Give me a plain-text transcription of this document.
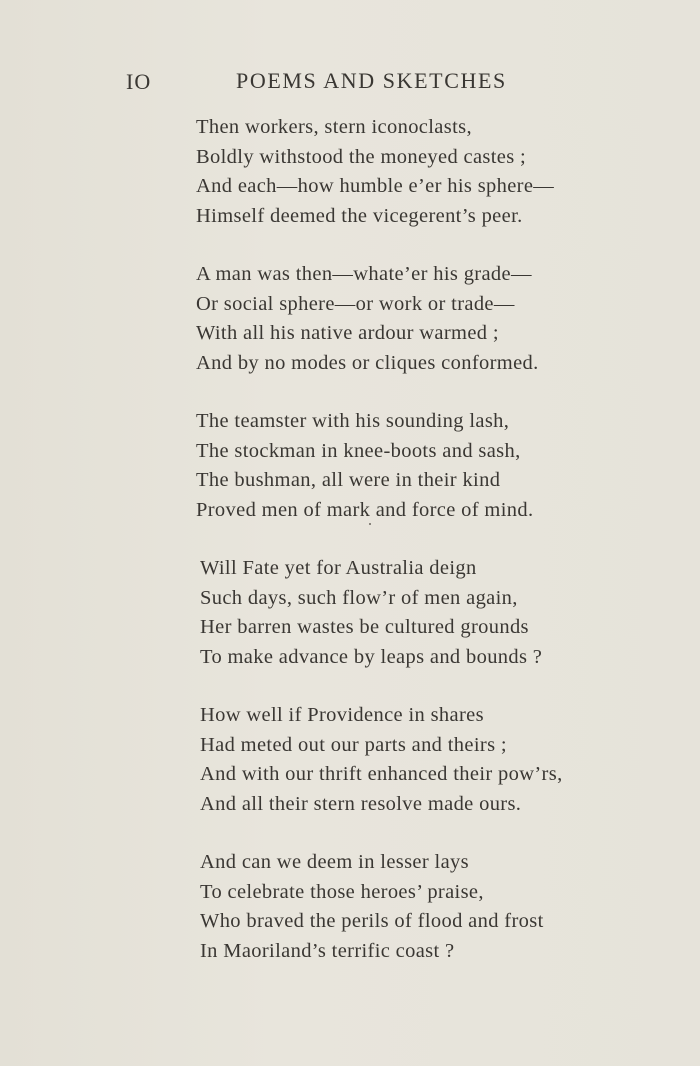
IO	POEMS AND SKETCHES
Then workers, stern iconoclasts,
Boldly withstood the moneyed castes ;
And each—how humble e’er his sphere—
Himself deemed the vicegerent’s peer.
A man was then—whate’er his grade—
Or social sphere—or work or trade—
With all his native ardour warmed ;
And by no modes or cliques conformed.
The teamster with his sounding lash,
The stockman in knee-boots and sash,
The bushman, all were in their kind
Proved men of mark and force of mind.
Will Fate yet for Australia deign
Such days, such flow’r of men again,
Her barren wastes be cultured grounds
To make advance by leaps and bounds ?
How well if Providence in shares
Had meted out our parts and theirs ;
And with our thrift enhanced their pow’rs,
And all their stern resolve made ours.
And can we deem in lesser lays
To celebrate those heroes’ praise,
Who braved the perils of flood and frost
In Maoriland’s terrific coast ?
